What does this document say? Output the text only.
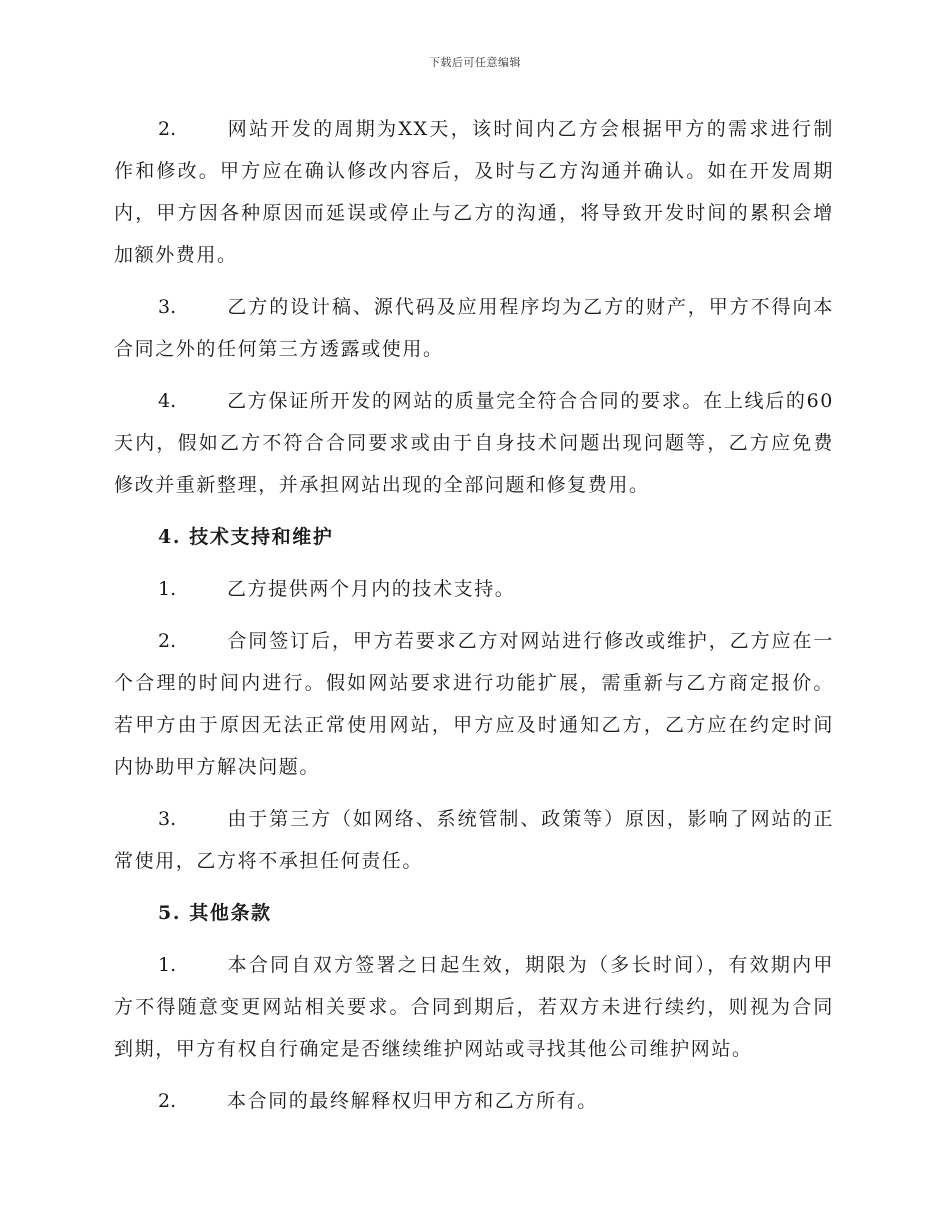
下载后可任意编辑

2.	网站开发的周期为XX天，该时间内乙方会根据甲方的需求进行制作和修改。甲方应在确认修改内容后，及时与乙方沟通并确认。如在开发周期内，甲方因各种原因而延误或停止与乙方的沟通，将导致开发时间的累积会增加额外费用。

3.	乙方的设计稿、源代码及应用程序均为乙方的财产，甲方不得向本合同之外的任何第三方透露或使用。

4.	乙方保证所开发的网站的质量完全符合合同的要求。在上线后的60天内，假如乙方不符合合同要求或由于自身技术问题出现问题等，乙方应免费修改并重新整理，并承担网站出现的全部问题和修复费用。

4. 技术支持和维护

1.	乙方提供两个月内的技术支持。

2.	合同签订后，甲方若要求乙方对网站进行修改或维护，乙方应在一个合理的时间内进行。假如网站要求进行功能扩展，需重新与乙方商定报价。若甲方由于原因无法正常使用网站，甲方应及时通知乙方，乙方应在约定时间内协助甲方解决问题。

3.	由于第三方（如网络、系统管制、政策等）原因，影响了网站的正常使用，乙方将不承担任何责任。

5. 其他条款

1.	本合同自双方签署之日起生效，期限为（多长时间），有效期内甲方不得随意变更网站相关要求。合同到期后，若双方未进行续约，则视为合同到期，甲方有权自行确定是否继续维护网站或寻找其他公司维护网站。

2.	本合同的最终解释权归甲方和乙方所有。
